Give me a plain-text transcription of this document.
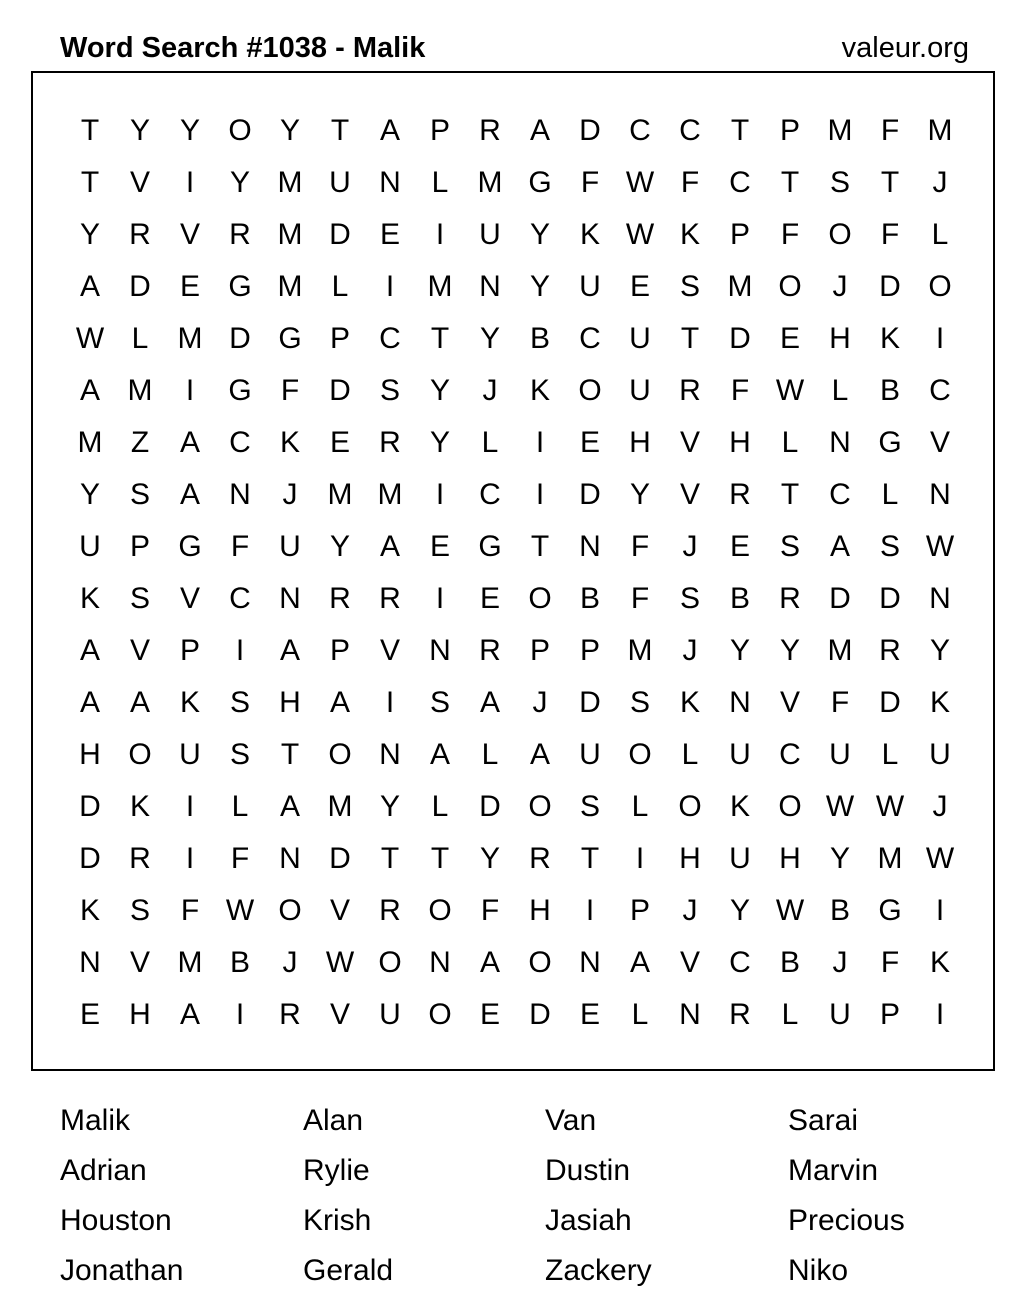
Word Search #1038 - Malik	valeur.org
T	Y Y O Y	T	A P R A D C C	T	P M F M
T	V	I	Y M U N	L M G F W F	C	T	S	T	J
Y R V R M D E	I	U Y K W K P	F O F	L
A D E G M L	I	M N Y U E S M O	J	D O
W L M D G P C	T	Y B C U	T	D E H K	I
A M	I	G F	D S Y	J	K O U R	F W L	B C
M Z	A C K E R Y	L	I	E H V H	L	N G V
Y S A N	J	M M	I	C	I	D Y V R	T	C	L	N
U P G F	U Y A E G T	N	F	J	E S A S W
K S V C N R R	I	E O B	F	S B R D D N
A V P	I	A P V N R P P M	J	Y Y M R Y
A A K S H A	I	S A	J	D S K N V	F	D K
H O U S	T O N A	L	A U O L	U C U	L	U
D K	I	L	A M Y	L	D O S	L O K O W W J
D R	I	F	N D	T	T	Y R	T	I	H U H Y M W
K S	F W O V R O F	H	I	P	J	Y W B G	I
N V M B	J W O N A O N A V C B	J	F	K
E H A	I	R V U O E D E	L	N R	L	U P	I
Malik	Alan	Van	Sarai
Adrian	Rylie	Dustin	Marvin
Houston	Krish	Jasiah	Precious
Jonathan	Gerald	Zackery	Niko
